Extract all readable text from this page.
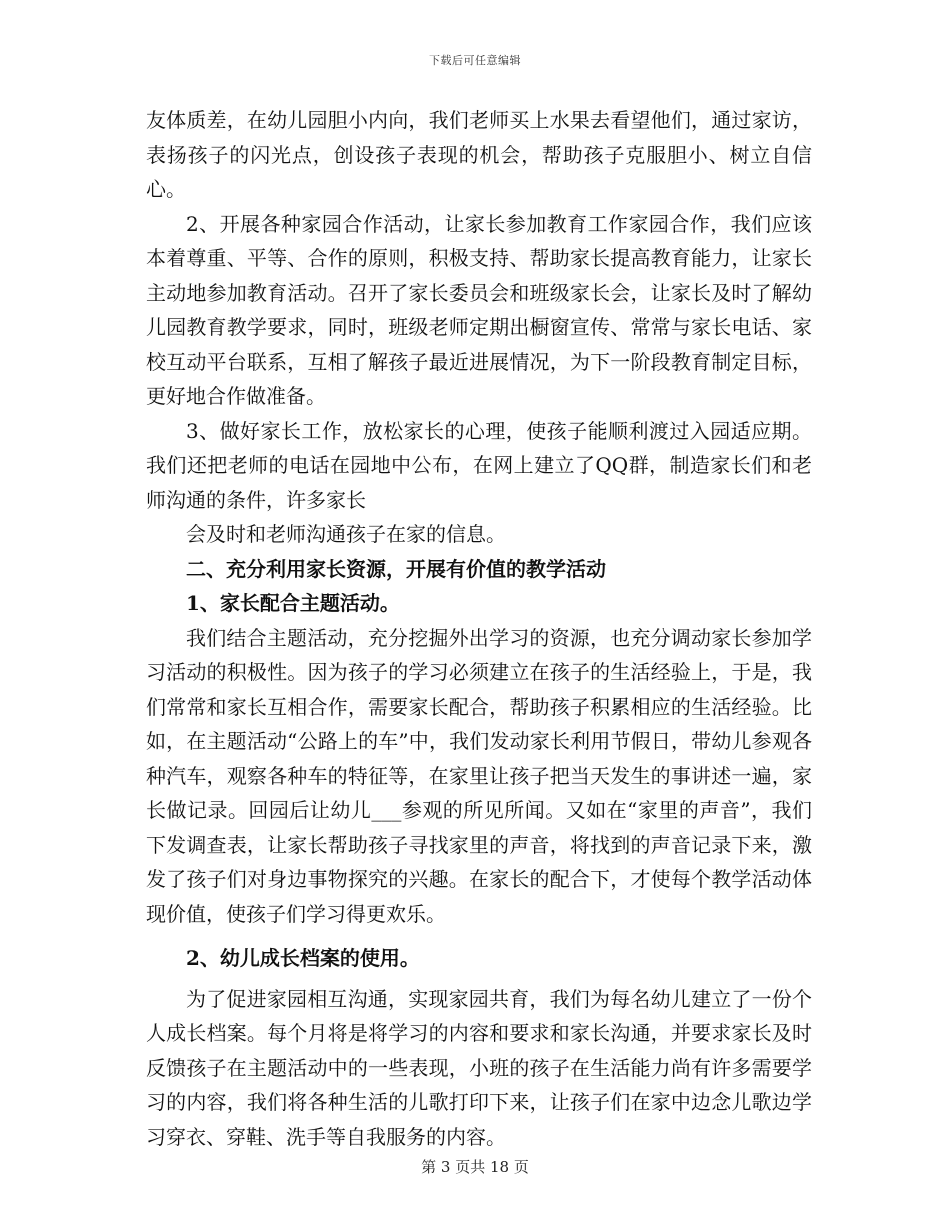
下载后可任意编辑

友体质差，在幼儿园胆小内向，我们老师买上水果去看望他们，通过家访，表扬孩子的闪光点，创设孩子表现的机会，帮助孩子克服胆小、树立自信心。

2、开展各种家园合作活动，让家长参加教育工作家园合作，我们应该本着尊重、平等、合作的原则，积极支持、帮助家长提高教育能力，让家长主动地参加教育活动。召开了家长委员会和班级家长会，让家长及时了解幼儿园教育教学要求，同时，班级老师定期出橱窗宣传、常常与家长电话、家校互动平台联系，互相了解孩子最近进展情况，为下一阶段教育制定目标，更好地合作做准备。

3、做好家长工作，放松家长的心理，使孩子能顺利渡过入园适应期。我们还把老师的电话在园地中公布，在网上建立了QQ群，制造家长们和老师沟通的条件，许多家长

会及时和老师沟通孩子在家的信息。

二、充分利用家长资源，开展有价值的教学活动

1、家长配合主题活动。

我们结合主题活动，充分挖掘外出学习的资源，也充分调动家长参加学习活动的积极性。因为孩子的学习必须建立在孩子的生活经验上，于是，我们常常和家长互相合作，需要家长配合，帮助孩子积累相应的生活经验。比如，在主题活动“公路上的车”中，我们发动家长利用节假日，带幼儿参观各种汽车，观察各种车的特征等，在家里让孩子把当天发生的事讲述一遍，家长做记录。回园后让幼儿___参观的所见所闻。又如在“家里的声音”，我们下发调查表，让家长帮助孩子寻找家里的声音，将找到的声音记录下来，激发了孩子们对身边事物探究的兴趣。在家长的配合下，才使每个教学活动体现价值，使孩子们学习得更欢乐。

2、幼儿成长档案的使用。

为了促进家园相互沟通，实现家园共育，我们为每名幼儿建立了一份个人成长档案。每个月将是将学习的内容和要求和家长沟通，并要求家长及时反馈孩子在主题活动中的一些表现，小班的孩子在生活能力尚有许多需要学习的内容，我们将各种生活的儿歌打印下来，让孩子们在家中边念儿歌边学习穿衣、穿鞋、洗手等自我服务的内容。

第 3 页共 18 页
